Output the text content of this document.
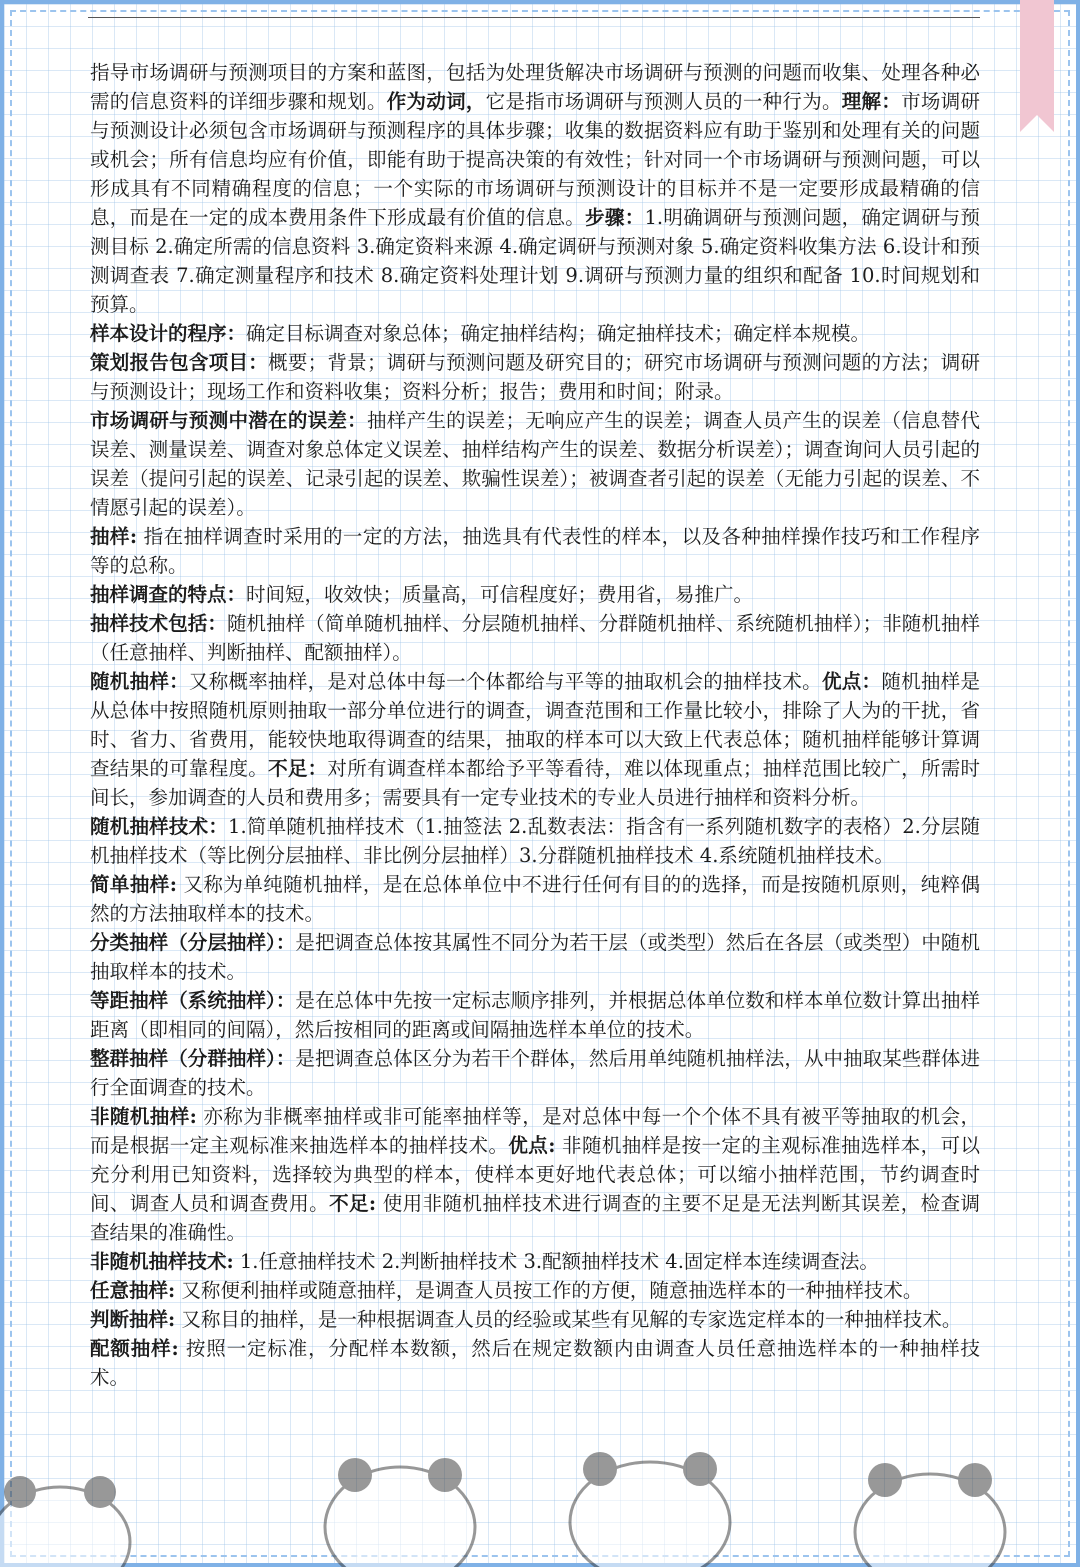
指导市场调研与预测项目的方案和蓝图，包括为处理货解决市场调研与预测的问题而收集、处理各种必需的信息资料的详细步骤和规划。作为动词，它是指市场调研与预测人员的一种行为。理解：市场调研与预测设计必须包含市场调研与预测程序的具体步骤；收集的数据资料应有助于鉴别和处理有关的问题或机会；所有信息均应有价值，即能有助于提高决策的有效性；针对同一个市场调研与预测问题，可以形成具有不同精确程度的信息；一个实际的市场调研与预测设计的目标并不是一定要形成最精确的信息，而是在一定的成本费用条件下形成最有价值的信息。步骤：1.明确调研与预测问题，确定调研与预测目标 2.确定所需的信息资料 3.确定资料来源 4.确定调研与预测对象 5.确定资料收集方法 6.设计和预测调查表 7.确定测量程序和技术 8.确定资料处理计划 9.调研与预测力量的组织和配备 10.时间规划和预算。

样本设计的程序：确定目标调查对象总体；确定抽样结构；确定抽样技术；确定样本规模。

策划报告包含项目：概要；背景；调研与预测问题及研究目的；研究市场调研与预测问题的方法；调研与预测设计；现场工作和资料收集；资料分析；报告；费用和时间；附录。

市场调研与预测中潜在的误差：抽样产生的误差；无响应产生的误差；调查人员产生的误差（信息替代误差、测量误差、调查对象总体定义误差、抽样结构产生的误差、数据分析误差）；调查询问人员引起的误差（提问引起的误差、记录引起的误差、欺骗性误差）；被调查者引起的误差（无能力引起的误差、不情愿引起的误差）。

抽样: 指在抽样调查时采用的一定的方法，抽选具有代表性的样本，以及各种抽样操作技巧和工作程序等的总称。

抽样调查的特点：时间短，收效快；质量高，可信程度好；费用省，易推广。

抽样技术包括：随机抽样（简单随机抽样、分层随机抽样、分群随机抽样、系统随机抽样）；非随机抽样（任意抽样、判断抽样、配额抽样）。

随机抽样：又称概率抽样，是对总体中每一个体都给与平等的抽取机会的抽样技术。优点：随机抽样是从总体中按照随机原则抽取一部分单位进行的调查，调查范围和工作量比较小，排除了人为的干扰，省时、省力、省费用，能较快地取得调查的结果，抽取的样本可以大致上代表总体；随机抽样能够计算调查结果的可靠程度。不足：对所有调查样本都给予平等看待，难以体现重点；抽样范围比较广，所需时间长，参加调查的人员和费用多；需要具有一定专业技术的专业人员进行抽样和资料分析。

随机抽样技术：1.简单随机抽样技术（1.抽签法 2.乱数表法：指含有一系列随机数字的表格）2.分层随机抽样技术（等比例分层抽样、非比例分层抽样）3.分群随机抽样技术 4.系统随机抽样技术。

简单抽样: 又称为单纯随机抽样，是在总体单位中不进行任何有目的的选择，而是按随机原则，纯粹偶然的方法抽取样本的技术。

分类抽样（分层抽样）：是把调查总体按其属性不同分为若干层（或类型）然后在各层（或类型）中随机抽取样本的技术。

等距抽样（系统抽样）：是在总体中先按一定标志顺序排列，并根据总体单位数和样本单位数计算出抽样距离（即相同的间隔），然后按相同的距离或间隔抽选样本单位的技术。

整群抽样（分群抽样）：是把调查总体区分为若干个群体，然后用单纯随机抽样法，从中抽取某些群体进行全面调查的技术。

非随机抽样: 亦称为非概率抽样或非可能率抽样等，是对总体中每一个个体不具有被平等抽取的机会，而是根据一定主观标准来抽选样本的抽样技术。优点: 非随机抽样是按一定的主观标准抽选样本，可以充分利用已知资料，选择较为典型的样本，使样本更好地代表总体；可以缩小抽样范围，节约调查时间、调查人员和调查费用。不足: 使用非随机抽样技术进行调查的主要不足是无法判断其误差，检查调查结果的准确性。

非随机抽样技术: 1.任意抽样技术 2.判断抽样技术 3.配额抽样技术 4.固定样本连续调查法。

任意抽样: 又称便利抽样或随意抽样，是调查人员按工作的方便，随意抽选样本的一种抽样技术。

判断抽样: 又称目的抽样，是一种根据调查人员的经验或某些有见解的专家选定样本的一种抽样技术。

配额抽样: 按照一定标准，分配样本数额，然后在规定数额内由调查人员任意抽选样本的一种抽样技术。
